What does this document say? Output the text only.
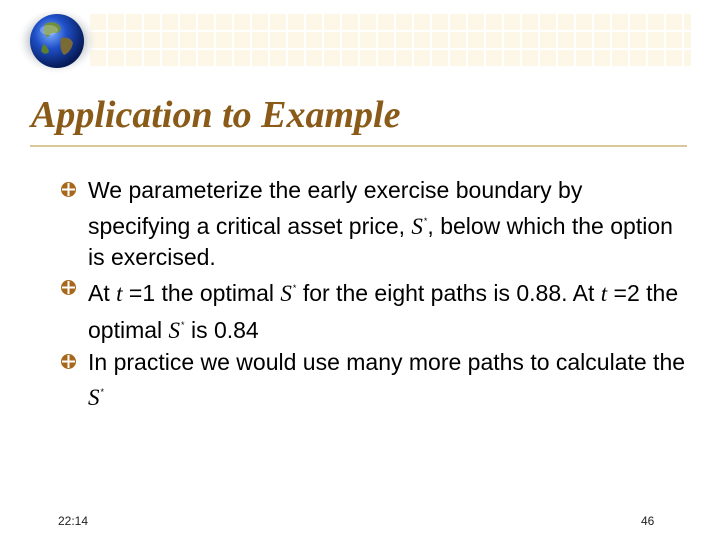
Application to Example
We parameterize the early exercise boundary by specifying a critical asset price, S*, below which the option is exercised.
At t =1 the optimal S* for the eight paths is 0.88. At t =2 the optimal S* is 0.84
In practice we would use many more paths to calculate the S*
22:14	46
